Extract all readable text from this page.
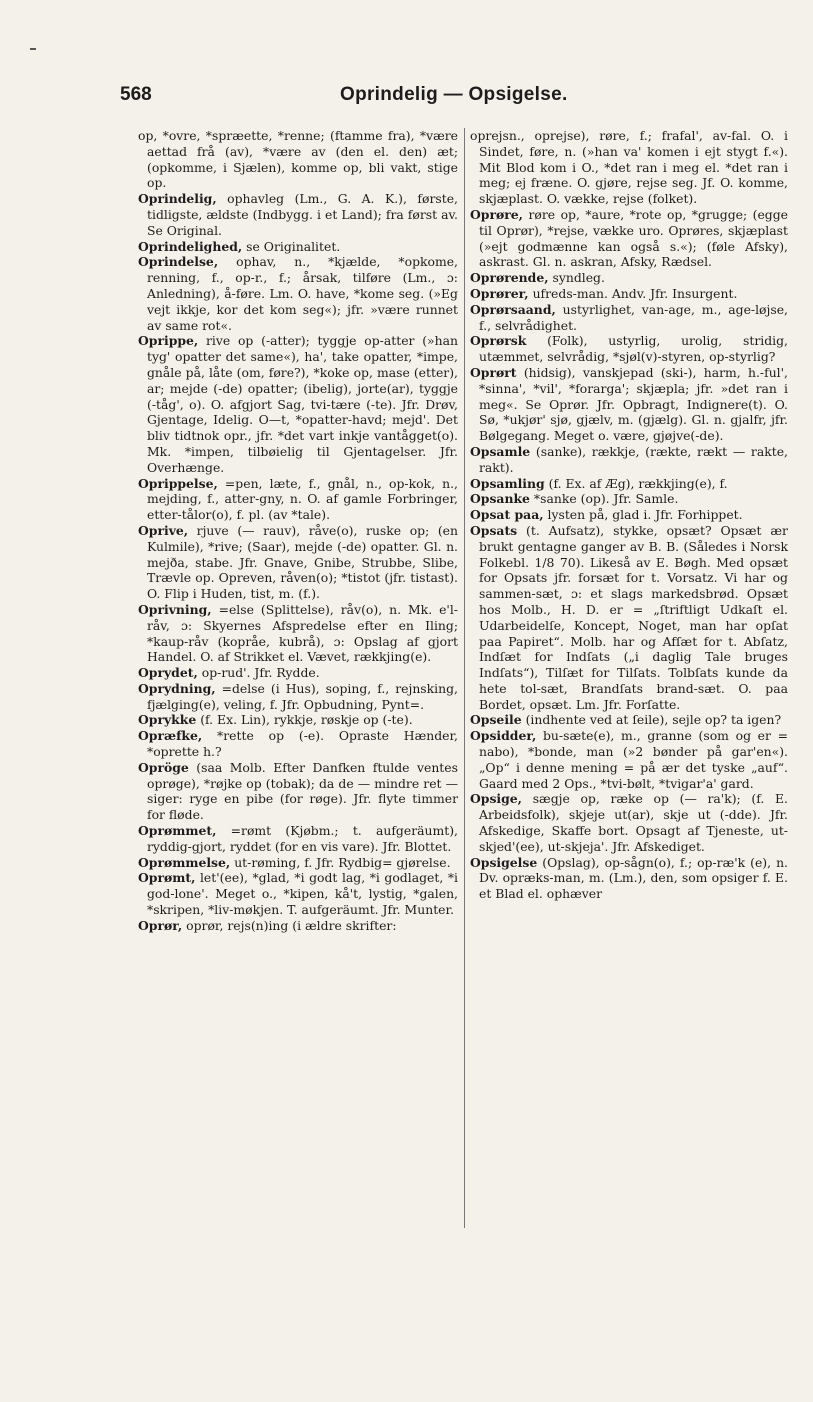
568	Oprindelig — Opsigelse.

op, *ovre, *spræette, *renne; (ftamme fra), *være aettad frå (av), *være av (den el. den) æt; (opkomme, i Sjælen), komme op, bli vakt, stige op.

Oprindelig, ophavleg (Lm., G. A. K.), første, tidligste, ældste (Indbygg. i et Land); fra først av. Se Original.

Oprindelighed, se Originalitet.

Oprindelse, ophav, n., *kjælde, *opkome, renning, f., op-r., f.; årsak, tilføre (Lm., ɔ: Anledning), å-føre. Lm. O. have, *kome seg. (»Eg vejt ikkje, kor det kom seg«); jfr. »være runnet av same rot«.

Oprippe, rive op (-atter); tyggje op-atter (»han tyg' opatter det same«), ha', take opatter, *impe, gnåle på, låte (om, føre?), *koke op, mase (etter), ar; mejde (-de) opatter; (ibelig), jorte(ar), tyggje (-tåg', o). O. afgjort Sag, tvi-tære (-te). Jfr. Drøv, Gjentage, Idelig. O—t, *opatter-havd; mejd'. Det bliv tidtnok opr., jfr. *det vart inkje vantågget(o). Mk. *impen, tilbøielig til Gjentagelser. Jfr. Overhænge.

Oprippelse, =pen, læte, f., gnål, n., op-kok, n., mejding, f., atter-gny, n. O. af gamle Forbringer, etter-tålor(o), f. pl. (av *tale).

Oprive, rjuve (— rauv), råve(o), ruske op; (en Kulmile), *rive; (Saar), mejde (-de) opatter. Gl. n. mejða, stabe. Jfr. Gnave, Gnibe, Strubbe, Slibe, Trævle op. Opreven, råven(o); *tistot (jfr. tistast). O. Flip i Huden, tist, m. (f.).

Oprivning, =else (Splittelse), råv(o), n. Mk. e'l-råv, ɔ: Skyernes Afspredelse efter en Iling; *kaup-råv (kopråe, kubrå), ɔ: Opslag af gjort Handel. O. af Strikket el. Vævet, rækkjing(e).

Oprydet, op-rud'. Jfr. Rydde.

Oprydning, =delse (i Hus), soping, f., rejnsking, fjælging(e), veling, f. Jfr. Opbudning, Pynt=.

Oprykke (f. Ex. Lin), rykkje, røskje op (-te).

Opræfke, *rette op (-e). Opraste Hænder, *oprette h.?

Opröge (saa Molb. Efter Danfken ftulde ventes oprøge), *røjke op (tobak); da de — mindre ret — siger: ryge en pibe (for røge). Jfr. flyte timmer for fløde.

Oprømmet, =rømt (Kjøbm.; t. aufgeräumt), ryddig-gjort, ryddet (for en vis vare). Jfr. Blottet.

Oprømmelse, ut-røming, f. Jfr. Rydbig= gjørelse.

Oprømt, let'(ee), *glad, *i godt lag, *i godlaget, *i god-lone'. Meget o., *kipen, kå't, lystig, *galen, *skripen, *liv-møkjen. T. aufgeräumt. Jfr. Munter.

Oprør, oprør, rejs(n)ing (i ældre skrifter:

oprejsn., oprejse), røre, f.; frafal', av-fal. O. i Sindet, føre, n. (»han va' komen i ejt stygt f.«). Mit Blod kom i O., *det ran i meg el. *det ran i meg; ej fræne. O. gjøre, rejse seg. Jf. O. komme, skjæplast. O. vække, rejse (folket).

Oprøre, røre op, *aure, *rote op, *grugge; (egge til Oprør), *rejse, vække uro. Oprøres, skjæplast (»ejt godmænne kan også s.«); (føle Afsky), askrast. Gl. n. askran, Afsky, Rædsel.

Oprørende, syndleg.

Oprører, ufreds-man. Andv. Jfr. Insurgent.

Oprørsaand, ustyrlighet, van-age, m., age-løjse, f., selvrådighet.

Oprørsk (Folk), ustyrlig, urolig, stridig, utæmmet, selvrådig, *sjøl(v)-styren, op-styrlig?

Oprørt (hidsig), vanskjepad (ski-), harm, h.-ful', *sinna', *vil', *forarga'; skjæpla; jfr. »det ran i meg«. Se Oprør. Jfr. Opbragt, Indignere(t). O. Sø, *ukjør' sjø, gjælv, m. (gjælg). Gl. n. gjalfr, jfr. Bølgegang. Meget o. være, gjøjve(-de).

Opsamle (sanke), rækkje, (rækte, rækt — rakte, rakt).

Opsamling (f. Ex. af Æg), rækkjing(e), f.

Opsanke *sanke (op). Jfr. Samle.

Opsat paa, lysten på, glad i. Jfr. Forhippet.

Opsats (t. Aufsatz), stykke, opsæt? Opsæt ær brukt gentagne ganger av B. B. (Således i Norsk Folkebl. 1/8 70). Likeså av E. Bøgh. Med opsæt for Opsats jfr. forsæt for t. Vorsatz. Vi har og sammen-sæt, ɔ: et slags markedsbrød. Opsæt hos Molb., H. D. er = „ſtriftligt Udkaſt el. Udarbeidelſe, Koncept, Noget, man har opſat paa Papiret“. Molb. har og Afſæt for t. Abſatz, Indſæt for Indſats („i daglig Tale bruges Indſats“), Tilſæt for Tilſats. Tolbſats kunde da hete tol-sæt, Brandſats brand-sæt. O. paa Bordet, opsæt. Lm. Jfr. Forſatte.

Opseile (indhente ved at ſeile), sejle op? ta igen?

Opsidder, bu-sæte(e), m., granne (som og er = nabo), *bonde, man (»2 bønder på gar'en«). „Op“ i denne mening = på ær det tyske „auf“. Gaard med 2 Ops., *tvi-bølt, *tvigar'a' gard.

Opsige, sægje op, ræke op (— ra'k); (f. E. Arbeidsfolk), skjeje ut(ar), skje ut (-dde). Jfr. Afskedige, Skaffe bort. Opsagt af Tjeneste, ut-skjed'(ee), ut-skjeja'. Jfr. Afskediget.

Opsigelse (Opslag), op-sågn(o), f.; op-ræ'k (e), n. Dv. opræks-man, m. (Lm.), den, som opsiger f. E. et Blad el. ophæver
